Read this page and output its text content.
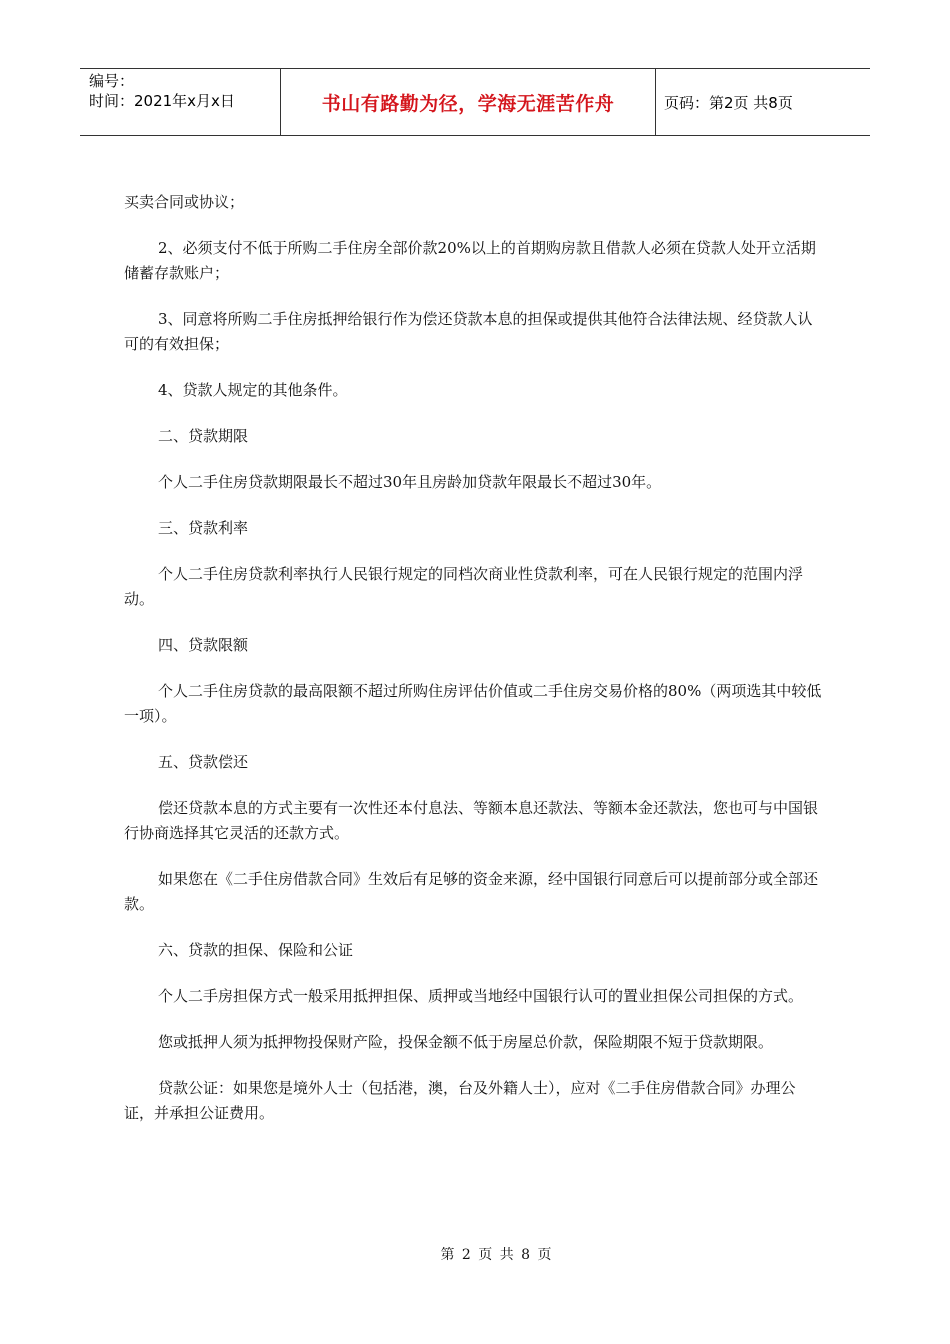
编号：
时间：2021年x月x日	书山有路勤为径，学海无涯苦作舟	页码：第2页 共8页

买卖合同或协议；

2、必须支付不低于所购二手住房全部价款20%以上的首期购房款且借款人必须在贷款人处开立活期储蓄存款账户；

3、同意将所购二手住房抵押给银行作为偿还贷款本息的担保或提供其他符合法律法规、经贷款人认可的有效担保；

4、贷款人规定的其他条件。

二、贷款期限

个人二手住房贷款期限最长不超过30年且房龄加贷款年限最长不超过30年。

三、贷款利率

个人二手住房贷款利率执行人民银行规定的同档次商业性贷款利率，可在人民银行规定的范围内浮动。

四、贷款限额

个人二手住房贷款的最高限额不超过所购住房评估价值或二手住房交易价格的80%（两项选其中较低一项）。

五、贷款偿还

偿还贷款本息的方式主要有一次性还本付息法、等额本息还款法、等额本金还款法，您也可与中国银行协商选择其它灵活的还款方式。

如果您在《二手住房借款合同》生效后有足够的资金来源，经中国银行同意后可以提前部分或全部还款。

六、贷款的担保、保险和公证

个人二手房担保方式一般采用抵押担保、质押或当地经中国银行认可的置业担保公司担保的方式。

您或抵押人须为抵押物投保财产险，投保金额不低于房屋总价款，保险期限不短于贷款期限。

贷款公证：如果您是境外人士（包括港，澳，台及外籍人士），应对《二手住房借款合同》办理公证，并承担公证费用。

第 2 页 共 8 页
